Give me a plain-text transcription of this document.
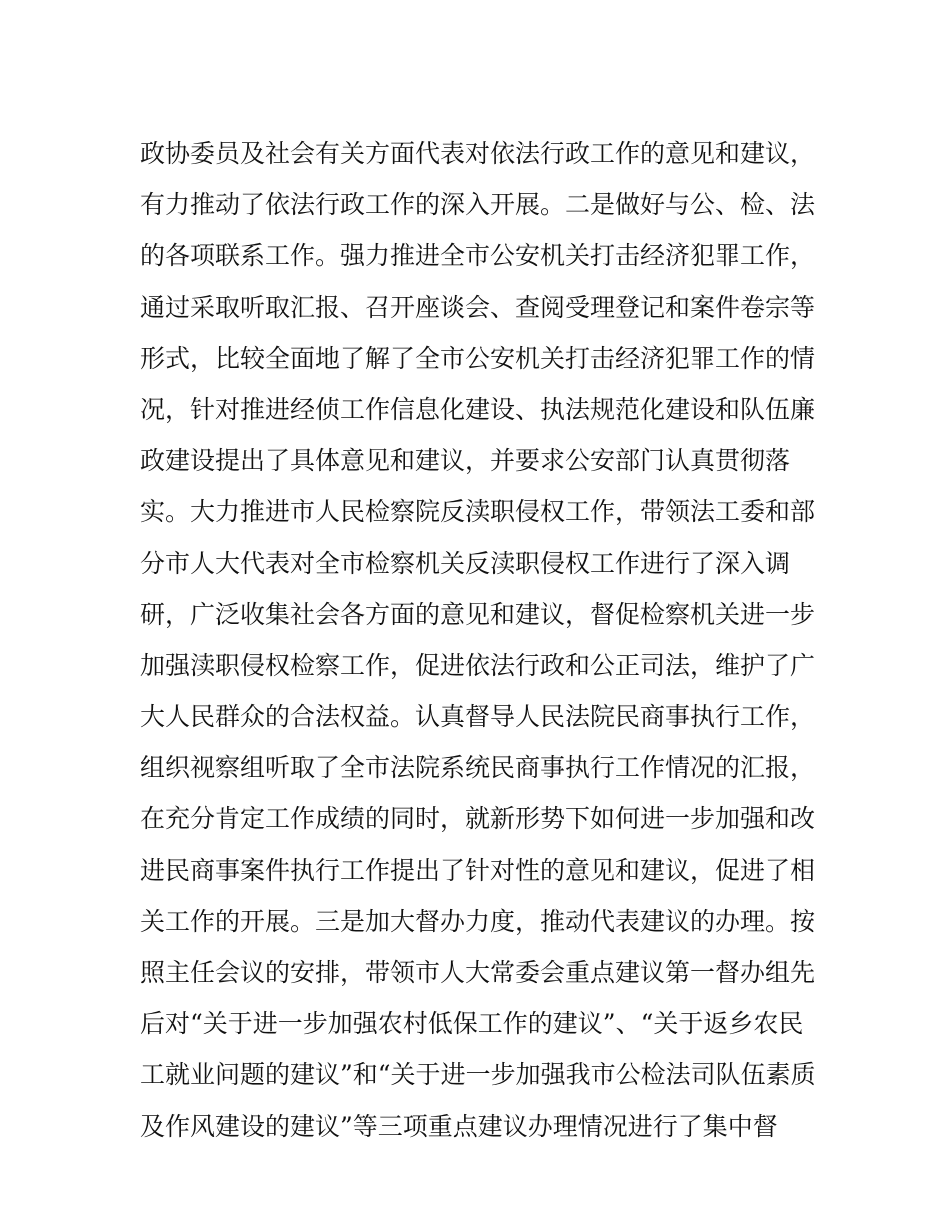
政协委员及社会有关方面代表对依法行政工作的意见和建议，
有力推动了依法行政工作的深入开展。二是做好与公、检、法
的各项联系工作。强力推进全市公安机关打击经济犯罪工作，
通过采取听取汇报、召开座谈会、查阅受理登记和案件卷宗等
形式，比较全面地了解了全市公安机关打击经济犯罪工作的情
况，针对推进经侦工作信息化建设、执法规范化建设和队伍廉
政建设提出了具体意见和建议，并要求公安部门认真贯彻落
实。大力推进市人民检察院反渎职侵权工作，带领法工委和部
分市人大代表对全市检察机关反渎职侵权工作进行了深入调
研，广泛收集社会各方面的意见和建议，督促检察机关进一步
加强渎职侵权检察工作，促进依法行政和公正司法，维护了广
大人民群众的合法权益。认真督导人民法院民商事执行工作，
组织视察组听取了全市法院系统民商事执行工作情况的汇报，
在充分肯定工作成绩的同时，就新形势下如何进一步加强和改
进民商事案件执行工作提出了针对性的意见和建议，促进了相
关工作的开展。三是加大督办力度，推动代表建议的办理。按
照主任会议的安排，带领市人大常委会重点建议第一督办组先
后对“关于进一步加强农村低保工作的建议”、“关于返乡农民
工就业问题的建议”和“关于进一步加强我市公检法司队伍素质
及作风建设的建议”等三项重点建议办理情况进行了集中督
